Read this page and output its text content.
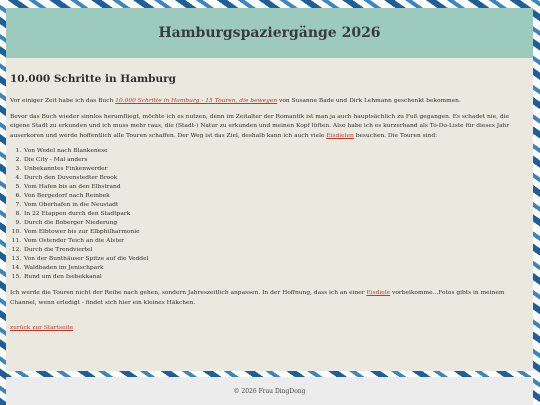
Hamburgspaziergänge 2026
10.000 Schritte in Hamburg

Vor einiger Zeit habe ich das Buch 10.000 Schritte in Hamburg - 15 Touren, die bewegen von Susanne Bade und Dirk Lehmann geschenkt bekommen.

Bevor das Buch wieder sinnlos herumfliegt, möchte ich es nutzen, denn im Zeitalter der Romantik ist man ja auch hauptsächlich zu Fuß gegangen. Es schadet nie, die eigene Stadt zu erkunden und ich muss mehr raus, die (Stadt-) Natur zu erkunden und meinen Kopf lüften. Also habe ich es kurzerhand als To-Do-Liste für dieses Jahr auserkoren und werde hoffentlich alle Touren schaffen. Der Weg ist das Ziel, deshalb kann ich auch viele Eisdielen besuchen. Die Touren sind:

1. Von Wedel nach Blankenese
2. Die City - Mal anders
3. Unbekanntes Finkenwerder
4. Durch den Duvenstedter Brook
5. Vom Hafen bis an den Elbstrand
6. Von Bergedorf nach Reinbek
7. Vom Oberhafen in die Neustadt
8. In 22 Etappen durch den Stadtpark
9. Durch die Boberger Niederung
10. Vom Elbtower bis zur Elbphilharmonie
11. Vom Ostender Teich an die Alster
12. Durch die Trendviertel
13. Von der Bunthäuser Spitze auf die Veddel
14. Waldbaden im Jenischpark
15. Rund um den Isebekkanal

Ich werde die Touren nicht der Reihe nach gehen, sondern Jahreszeitlich anpassen. In der Hoffnung, dass ich an einer Eisdiele vorbeikomme...Fotos gibts in meinem Channel, wenn erledigt - findet sich hier ein kleines Häkchen.

zurück zur Startseite
© 2026 Frau DingDong
